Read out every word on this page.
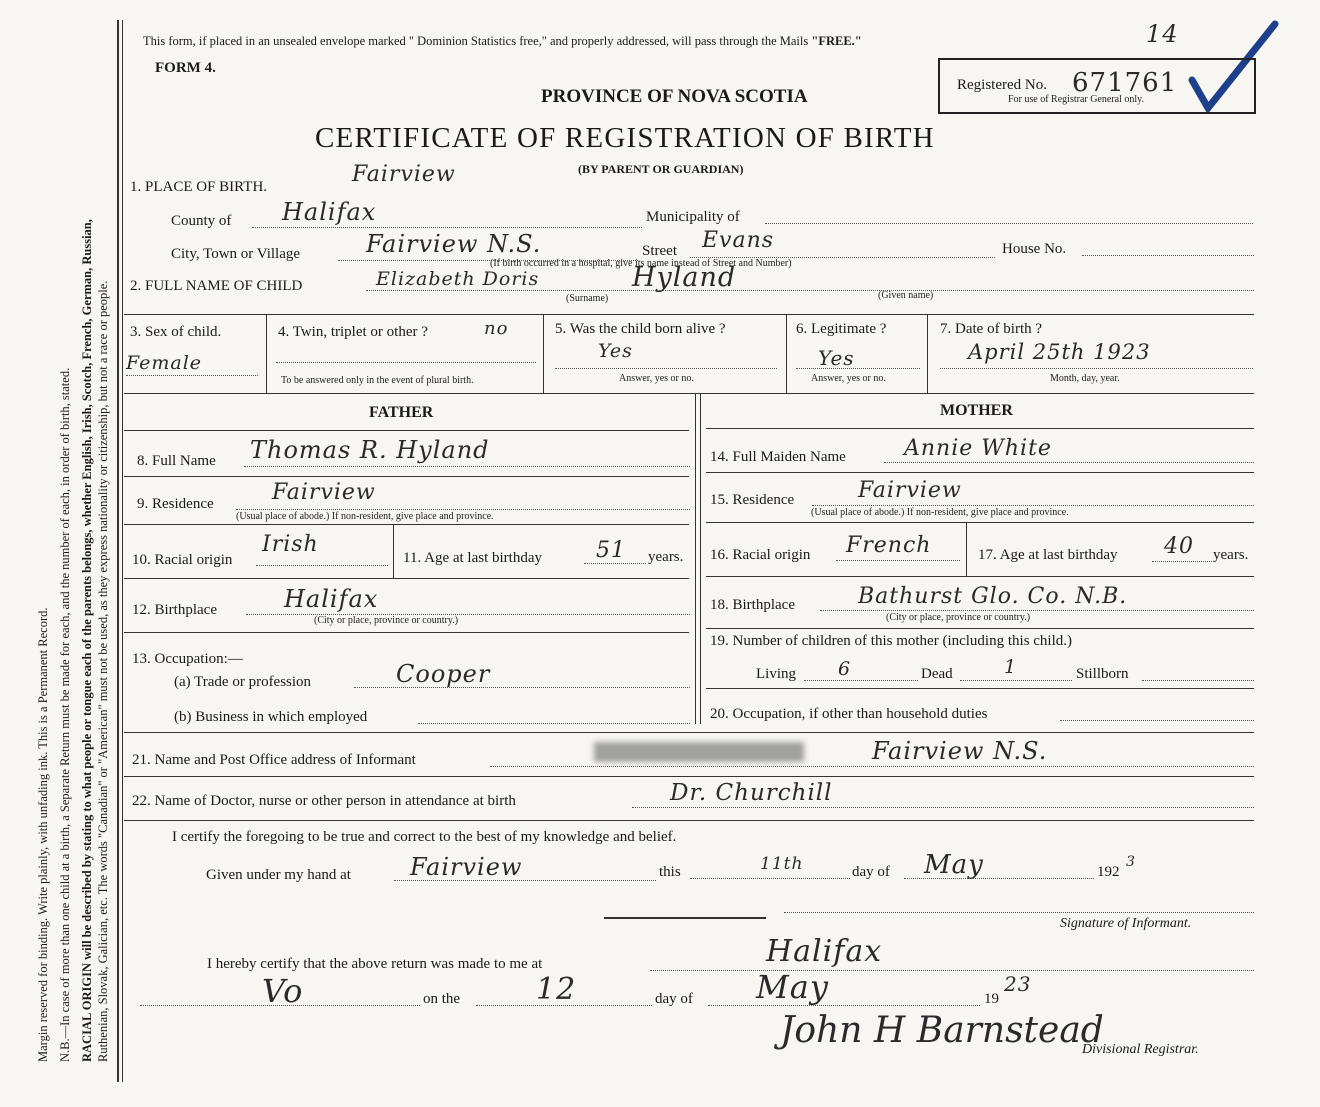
Margin reserved for binding. Write plainly, with unfading ink. This is a Permanent Record. N.B.—In case of more than one child at a birth, a Separate Return must be made for each, and the number of each, in order of birth, stated. RACIAL ORIGIN will be described by stating to what people or tongue each of the parents belongs, whether English, Irish, Scotch, French, German, Russian, Ruthenian, Slovak, Galician, etc. The words "Canadian" or "American" must not be used, as they express nationality or citizenship, but not a race or people.
This form, if placed in an unsealed envelope marked " Dominion Statistics free," and properly addressed, will pass through the Mails "FREE."	14
FORM 4.
PROVINCE OF NOVA SCOTIA
Registered No. 671761
For use of Registrar General only.
CERTIFICATE OF REGISTRATION OF BIRTH
(BY PARENT OR GUARDIAN)
1. PLACE OF BIRTH.	Fairview
County of Halifax	Municipality of
City, Town or Village	Fairview N.S.	Street Evans	House No.
(If birth occurred in a hospital, give its name instead of Street and Number)
2. FULL NAME OF CHILD	Elizabeth Doris	Hyland
(Surname)	(Given name)
3. Sex of child.
Female
4. Twin, triplet or other ?	no
To be answered only in the event of plural birth.
5. Was the child born alive ?
Yes
Answer, yes or no.
6. Legitimate ?
Yes
Answer, yes or no.
7. Date of birth ?
April 25th 1923
Month, day, year.
FATHER
8. Full Name Thomas R. Hyland
9. Residence	Fairview
(Usual place of abode.) If non-resident, give place and province.
10. Racial origin
Irish
11. Age at last birthday 51 years.
12. Birthplace	Halifax
(City or place, province or country.)
13. Occupation:—
(a) Trade or profession	Cooper
(b) Business in which employed
MOTHER
14. Full Maiden Name	Annie White
15. Residence	Fairview
(Usual place of abode.) If non-resident, give place and province.
16. Racial origin French	17. Age at last birthday 40 years.
18. Birthplace	Bathurst Glo. Co. N.B.
(City or place, province or country.)
19. Number of children of this mother (including this child.)
Living 6	Dead	1	Stillborn
20. Occupation, if other than household duties
21. Name and Post Office address of Informant	Fairview N.S.
22. Name of Doctor, nurse or other person in attendance at birth	Dr. Churchill
I certify the foregoing to be true and correct to the best of my knowledge and belief.
Given under my hand at Fairview	this	11th	day of May	192
3
Signature of Informant.
I hereby certify that the above return was made to me at	Halifax
Vo	on the	12	day of May	19
23
John H Barnstead
Divisional Registrar.
